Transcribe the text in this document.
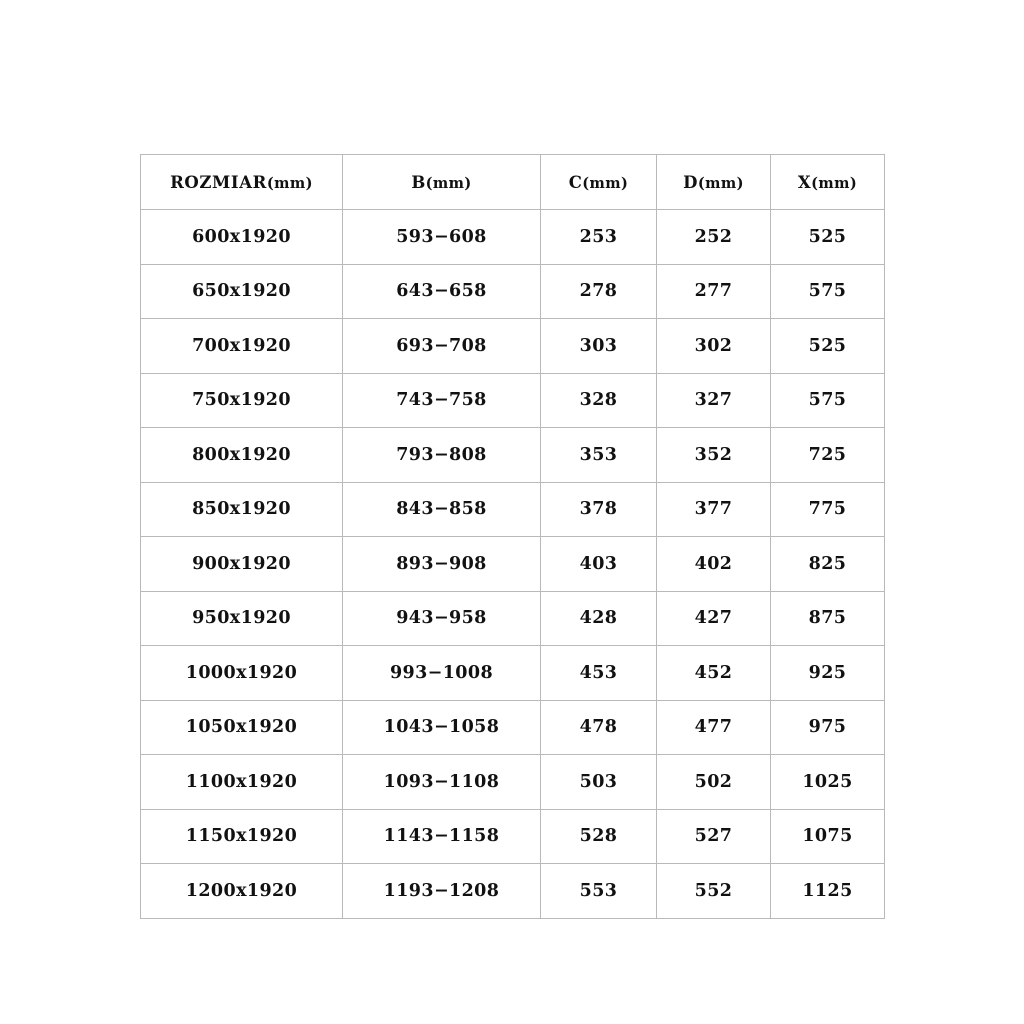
ROZMIAR(mm)	B(mm)	C(mm)	D(mm)	X(mm)
600x1920	593−608	253	252	525
650x1920	643−658	278	277	575
700x1920	693−708	303	302	525
750x1920	743−758	328	327	575
800x1920	793−808	353	352	725
850x1920	843−858	378	377	775
900x1920	893−908	403	402	825
950x1920	943−958	428	427	875
1000x1920	993−1008	453	452	925
1050x1920	1043−1058	478	477	975
1100x1920	1093−1108	503	502	1025
1150x1920	1143−1158	528	527	1075
1200x1920	1193−1208	553	552	1125
